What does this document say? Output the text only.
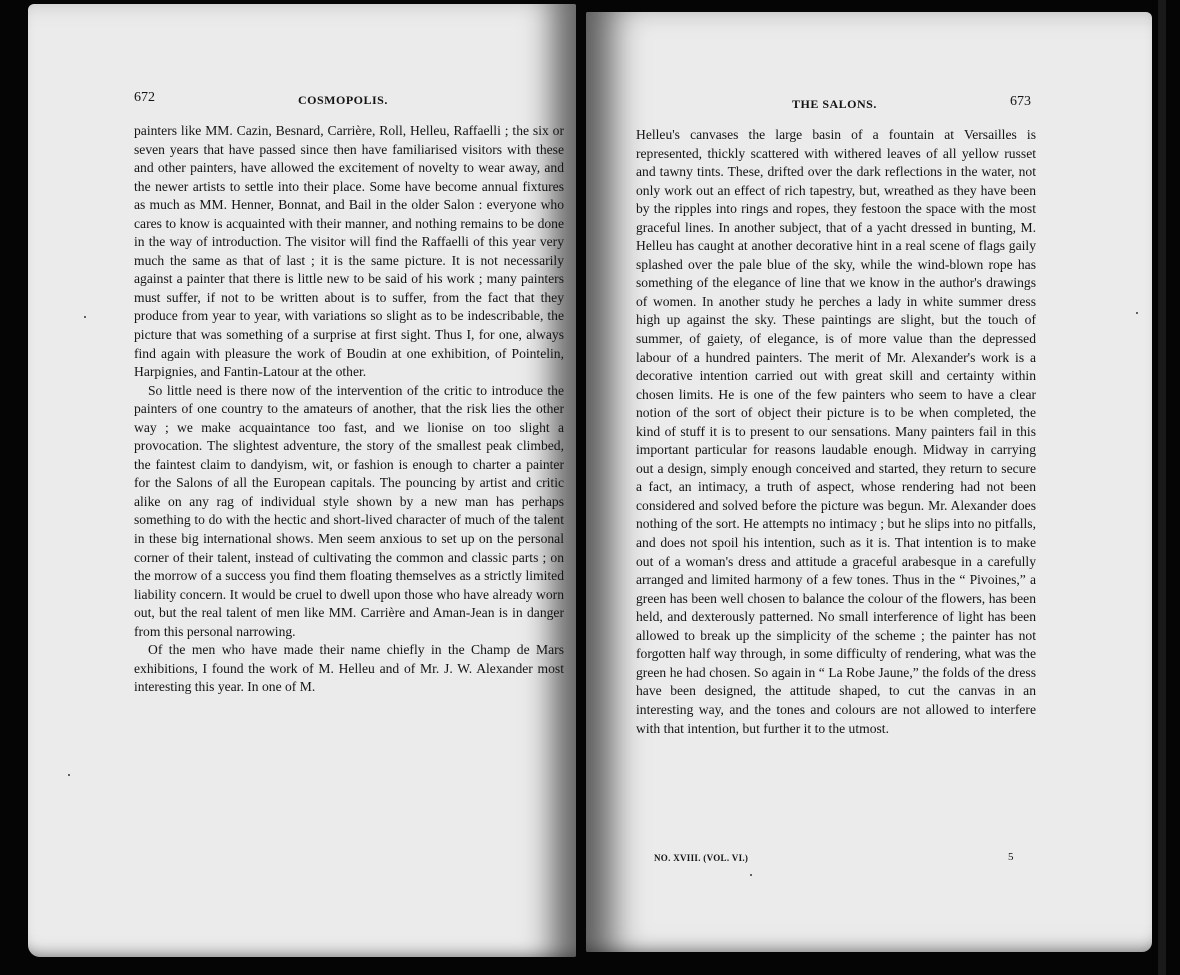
672	COSMOPOLIS.

painters like MM. Cazin, Besnard, Carrière, Roll, Helleu, Raffaelli ; the six or seven years that have passed since then have familiarised visitors with these and other painters, have allowed the excitement of novelty to wear away, and the newer artists to settle into their place. Some have become annual fixtures as much as MM. Henner, Bonnat, and Bail in the older Salon : everyone who cares to know is acquainted with their manner, and nothing remains to be done in the way of introduction. The visitor will find the Raffaelli of this year very much the same as that of last ; it is the same picture. It is not necessarily against a painter that there is little new to be said of his work ; many painters must suffer, if not to be written about is to suffer, from the fact that they produce from year to year, with variations so slight as to be indescribable, the picture that was something of a surprise at first sight. Thus I, for one, always find again with pleasure the work of Boudin at one exhibition, of Pointelin, Harpignies, and Fantin-Latour at the other.

So little need is there now of the intervention of the critic to introduce the painters of one country to the amateurs of another, that the risk lies the other way ; we make acquaintance too fast, and we lionise on too slight a provocation. The slightest adventure, the story of the smallest peak climbed, the faintest claim to dandyism, wit, or fashion is enough to charter a painter for the Salons of all the European capitals. The pouncing by artist and critic alike on any rag of individual style shown by a new man has perhaps something to do with the hectic and short-lived character of much of the talent in these big international shows. Men seem anxious to set up on the personal corner of their talent, instead of cultivating the common and classic parts ; on the morrow of a success you find them floating themselves as a strictly limited liability concern. It would be cruel to dwell upon those who have already worn out, but the real talent of men like MM. Carrière and Aman-Jean is in danger from this personal narrowing.

Of the men who have made their name chiefly in the Champ de Mars exhibitions, I found the work of M. Helleu and of Mr. J. W. Alexander most interesting this year. In one of M.

THE SALONS.	673

Helleu's canvases the large basin of a fountain at Versailles is represented, thickly scattered with withered leaves of all yellow russet and tawny tints. These, drifted over the dark reflections in the water, not only work out an effect of rich tapestry, but, wreathed as they have been by the ripples into rings and ropes, they festoon the space with the most graceful lines. In another subject, that of a yacht dressed in bunting, M. Helleu has caught at another decorative hint in a real scene of flags gaily splashed over the pale blue of the sky, while the wind-blown rope has something of the elegance of line that we know in the author's drawings of women. In another study he perches a lady in white summer dress high up against the sky. These paintings are slight, but the touch of summer, of gaiety, of elegance, is of more value than the depressed labour of a hundred painters. The merit of Mr. Alexander's work is a decorative intention carried out with great skill and certainty within chosen limits. He is one of the few painters who seem to have a clear notion of the sort of object their picture is to be when completed, the kind of stuff it is to present to our sensations. Many painters fail in this important particular for reasons laudable enough. Midway in carrying out a design, simply enough conceived and started, they return to secure a fact, an intimacy, a truth of aspect, whose rendering had not been considered and solved before the picture was begun. Mr. Alexander does nothing of the sort. He attempts no intimacy ; but he slips into no pitfalls, and does not spoil his intention, such as it is. That intention is to make out of a woman's dress and attitude a graceful arabesque in a carefully arranged and limited harmony of a few tones. Thus in the “ Pivoines,” a green has been well chosen to balance the colour of the flowers, has been held, and dexterously patterned. No small interference of light has been allowed to break up the simplicity of the scheme ; the painter has not forgotten half way through, in some difficulty of rendering, what was the green he had chosen. So again in “ La Robe Jaune,” the folds of the dress have been designed, the attitude shaped, to cut the canvas in an interesting way, and the tones and colours are not allowed to interfere with that intention, but further it to the utmost.

NO. XVIII. (VOL. VI.)	5
